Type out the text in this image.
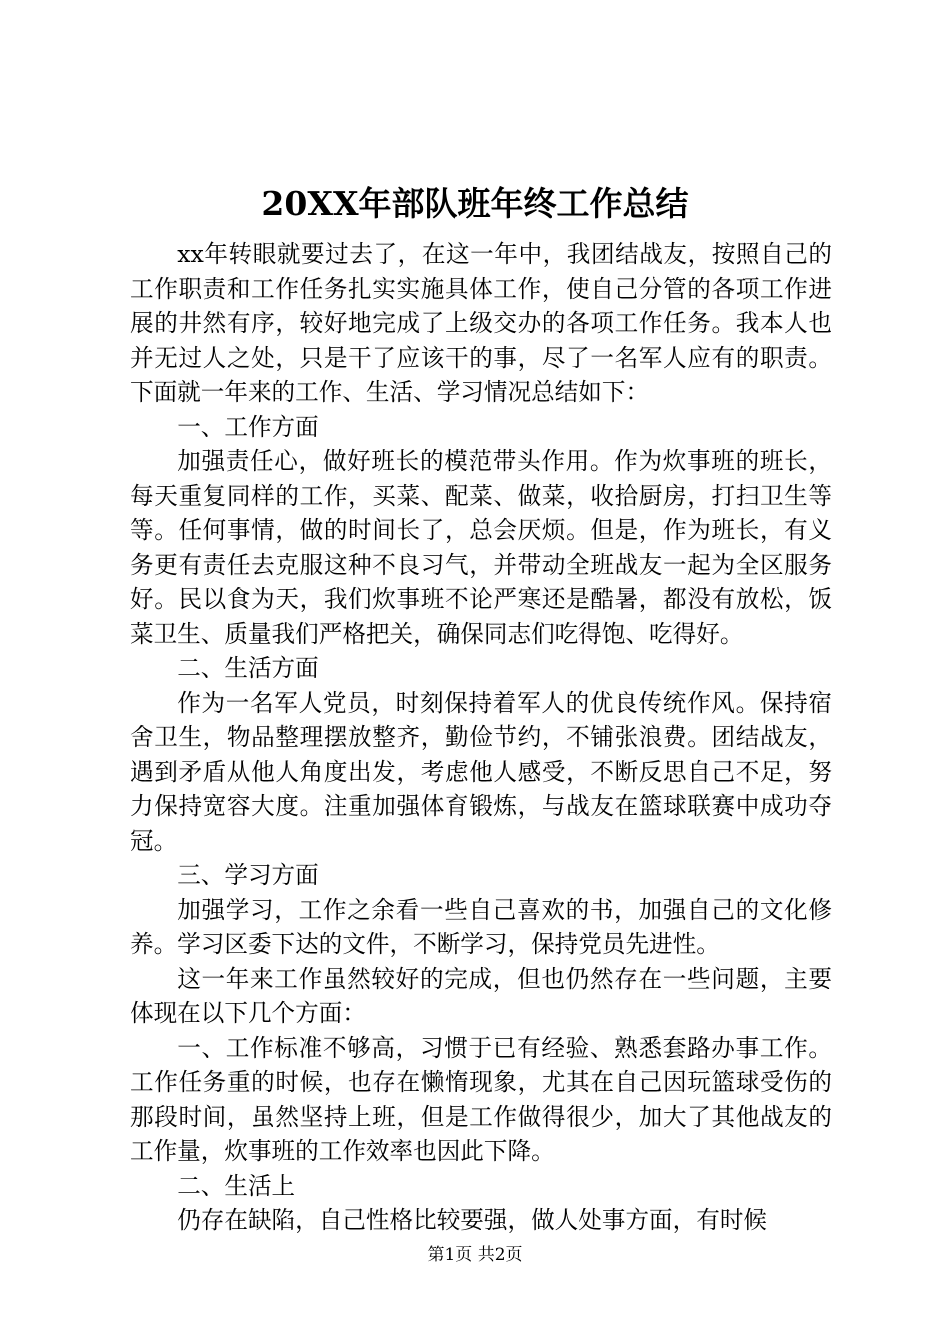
20XX年部队班年终工作总结

xx年转眼就要过去了，在这一年中，我团结战友，按照自己的工作职责和工作任务扎实实施具体工作，使自己分管的各项工作进展的井然有序，较好地完成了上级交办的各项工作任务。我本人也并无过人之处，只是干了应该干的事，尽了一名军人应有的职责。下面就一年来的工作、生活、学习情况总结如下：

一、工作方面

加强责任心，做好班长的模范带头作用。作为炊事班的班长，每天重复同样的工作，买菜、配菜、做菜，收拾厨房，打扫卫生等等。任何事情，做的时间长了，总会厌烦。但是，作为班长，有义务更有责任去克服这种不良习气，并带动全班战友一起为全区服务好。民以食为天，我们炊事班不论严寒还是酷暑，都没有放松，饭菜卫生、质量我们严格把关，确保同志们吃得饱、吃得好。

二、生活方面

作为一名军人党员，时刻保持着军人的优良传统作风。保持宿舍卫生，物品整理摆放整齐，勤俭节约，不铺张浪费。团结战友，遇到矛盾从他人角度出发，考虑他人感受，不断反思自己不足，努力保持宽容大度。注重加强体育锻炼，与战友在篮球联赛中成功夺冠。

三、学习方面

加强学习，工作之余看一些自己喜欢的书，加强自己的文化修养。学习区委下达的文件，不断学习，保持党员先进性。

这一年来工作虽然较好的完成，但也仍然存在一些问题，主要体现在以下几个方面：

一、工作标准不够高，习惯于已有经验、熟悉套路办事工作。工作任务重的时候，也存在懒惰现象，尤其在自己因玩篮球受伤的那段时间，虽然坚持上班，但是工作做得很少，加大了其他战友的工作量，炊事班的工作效率也因此下降。

二、生活上

仍存在缺陷，自己性格比较要强，做人处事方面，有时候

第1页 共2页
